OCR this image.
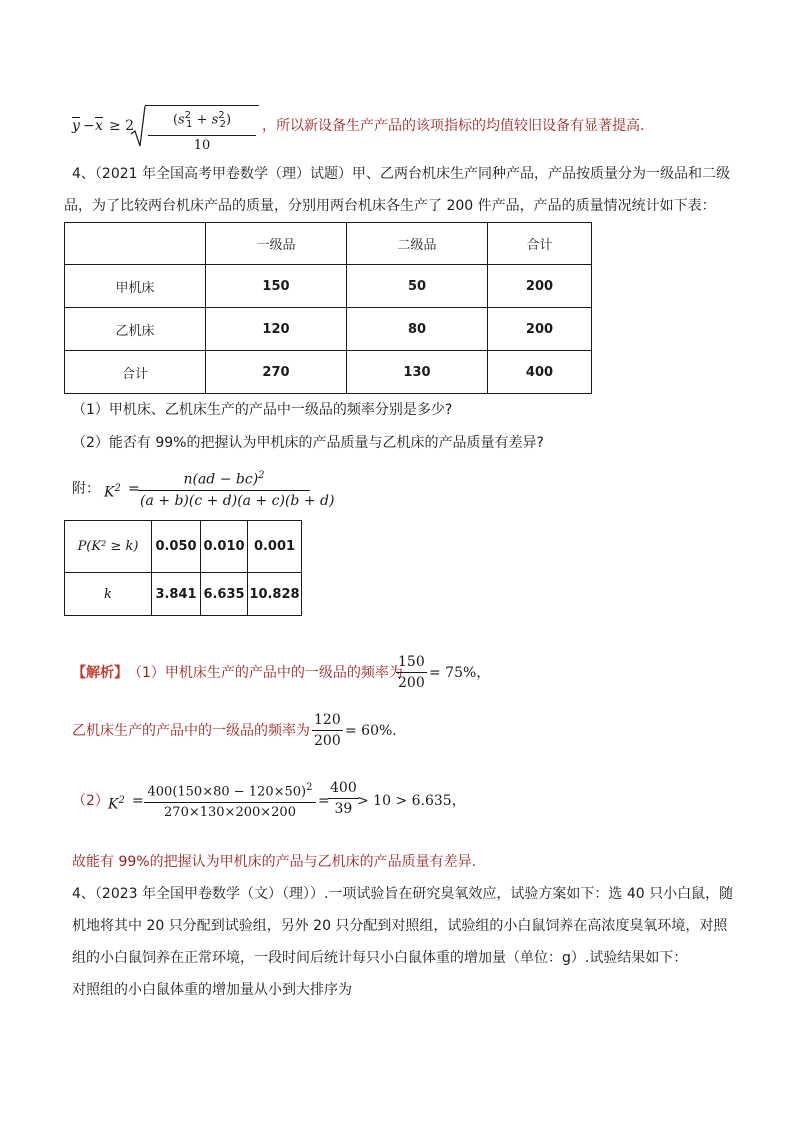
$\overline{y} - \overline{x} \ge 2$	$(s^2_1 + s^2_2)$
10
，所以新设备生产产品的该项指标的均值较旧设备有显著提高.
4、（2021 年全国高考甲卷数学（理）试题）甲、乙两台机床生产同种产品，产品按质量分为一级品和二级
品，为了比较两台机床产品的质量，分别用两台机床各生产了 200 件产品，产品的质量情况统计如下表：
	一级品	二级品	合计
甲机床	150	50	200
乙机床	120	80	200
合计	270	130	400
（1）甲机床、乙机床生产的产品中一级品的频率分别是多少?
（2）能否有 99%的把握认为甲机床的产品质量与乙机床的产品质量有差异?
附： $K^2$ =
$\frac{n(ad - bc)^2}{(a + b)(c + d)(a + c)(b + d)}$
P(K² ≥ k)	0.050	0.010	0.001
k	3.841	6.635	10.828
【解析】 （1）甲机床生产的产品中的一级品的频率为
$\frac{150}{200} = 75\%$，
乙机床生产的产品中的一级品的频率为 $\frac{120}{200} = 60\%$.
（2） $K^2 = \frac{400(150\times 80 - 120\times 50)^2}{270\times 130\times 200\times 200}$ =
$\frac{400}{39}$
> 10 > 6.635，
故能有 99%的把握认为甲机床的产品与乙机床的产品质量有差异.
4、（2023 年全国甲卷数学（文）（理））.一项试验旨在研究臭氧效应，试验方案如下：选 40 只小白鼠，随
机地将其中 20 只分配到试验组，另外 20 只分配到对照组，试验组的小白鼠饲养在高浓度臭氧环境，对照
组的小白鼠饲养在正常环境，一段时间后统计每只小白鼠体重的增加量（单位：g）.试验结果如下：
对照组的小白鼠体重的增加量从小到大排序为
